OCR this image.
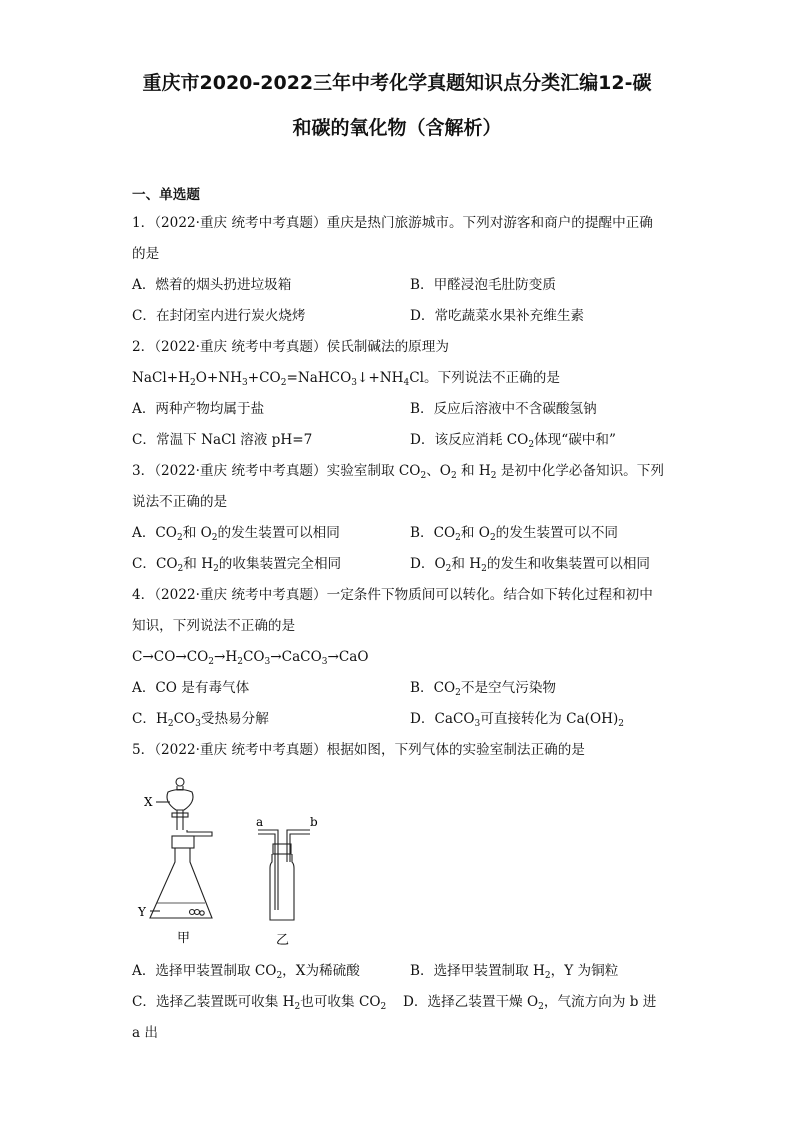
重庆市2020-2022三年中考化学真题知识点分类汇编12-碳
和碳的氧化物（含解析）
一、单选题
1．（2022·重庆 统考中考真题）重庆是热门旅游城市。下列对游客和商户的提醒中正确
的是
A．燃着的烟头扔进垃圾箱	B．甲醛浸泡毛肚防变质
C．在封闭室内进行炭火烧烤	D．常吃蔬菜水果补充维生素
2．（2022·重庆 统考中考真题）侯氏制碱法的原理为
$NaCl+H_2O+NH_3+CO_2=NaHCO_3↓+NH_4Cl$。下列说法不正确的是
A．两种产物均属于盐	B．反应后溶液中不含碳酸氢钠
C．常温下 NaCl 溶液 pH=7	D．该反应消耗 $CO_2$体现“碳中和”
3．（2022·重庆 统考中考真题）实验室制取 $CO_2$、$O_2$ 和 $H_2$ 是初中化学必备知识。下列
说法不正确的是
A．$CO_2$和 $O_2$的发生装置可以相同	B．$CO_2$和 $O_2$的发生装置可以不同
C．$CO_2$和 $H_2$的收集装置完全相同	D．$O_2$和 $H_2$的发生和收集装置可以相同
4．（2022·重庆 统考中考真题）一定条件下物质间可以转化。结合如下转化过程和初中
知识，下列说法不正确的是
$C\to CO\to CO_2\to H_2CO_3\to CaCO_3\to CaO$
A．CO 是有毒气体	B．$CO_2$不是空气污染物
C．$H_2CO_3$受热易分解	D．CaCO$_3$可直接转化为 $Ca(OH)_2$
5．（2022·重庆 统考中考真题）根据如图，下列气体的实验室制法正确的是
X
Y
a	b
甲	乙
A．选择甲装置制取 $CO_2$，X为稀硫酸	B．选择甲装置制取 $H_2$，Y 为铜粒
C．选择乙装置既可收集 $H_2$也可收集 $CO_2$ D．选择乙装置干燥 $O_2$，气流方向为 b 进
a 出
